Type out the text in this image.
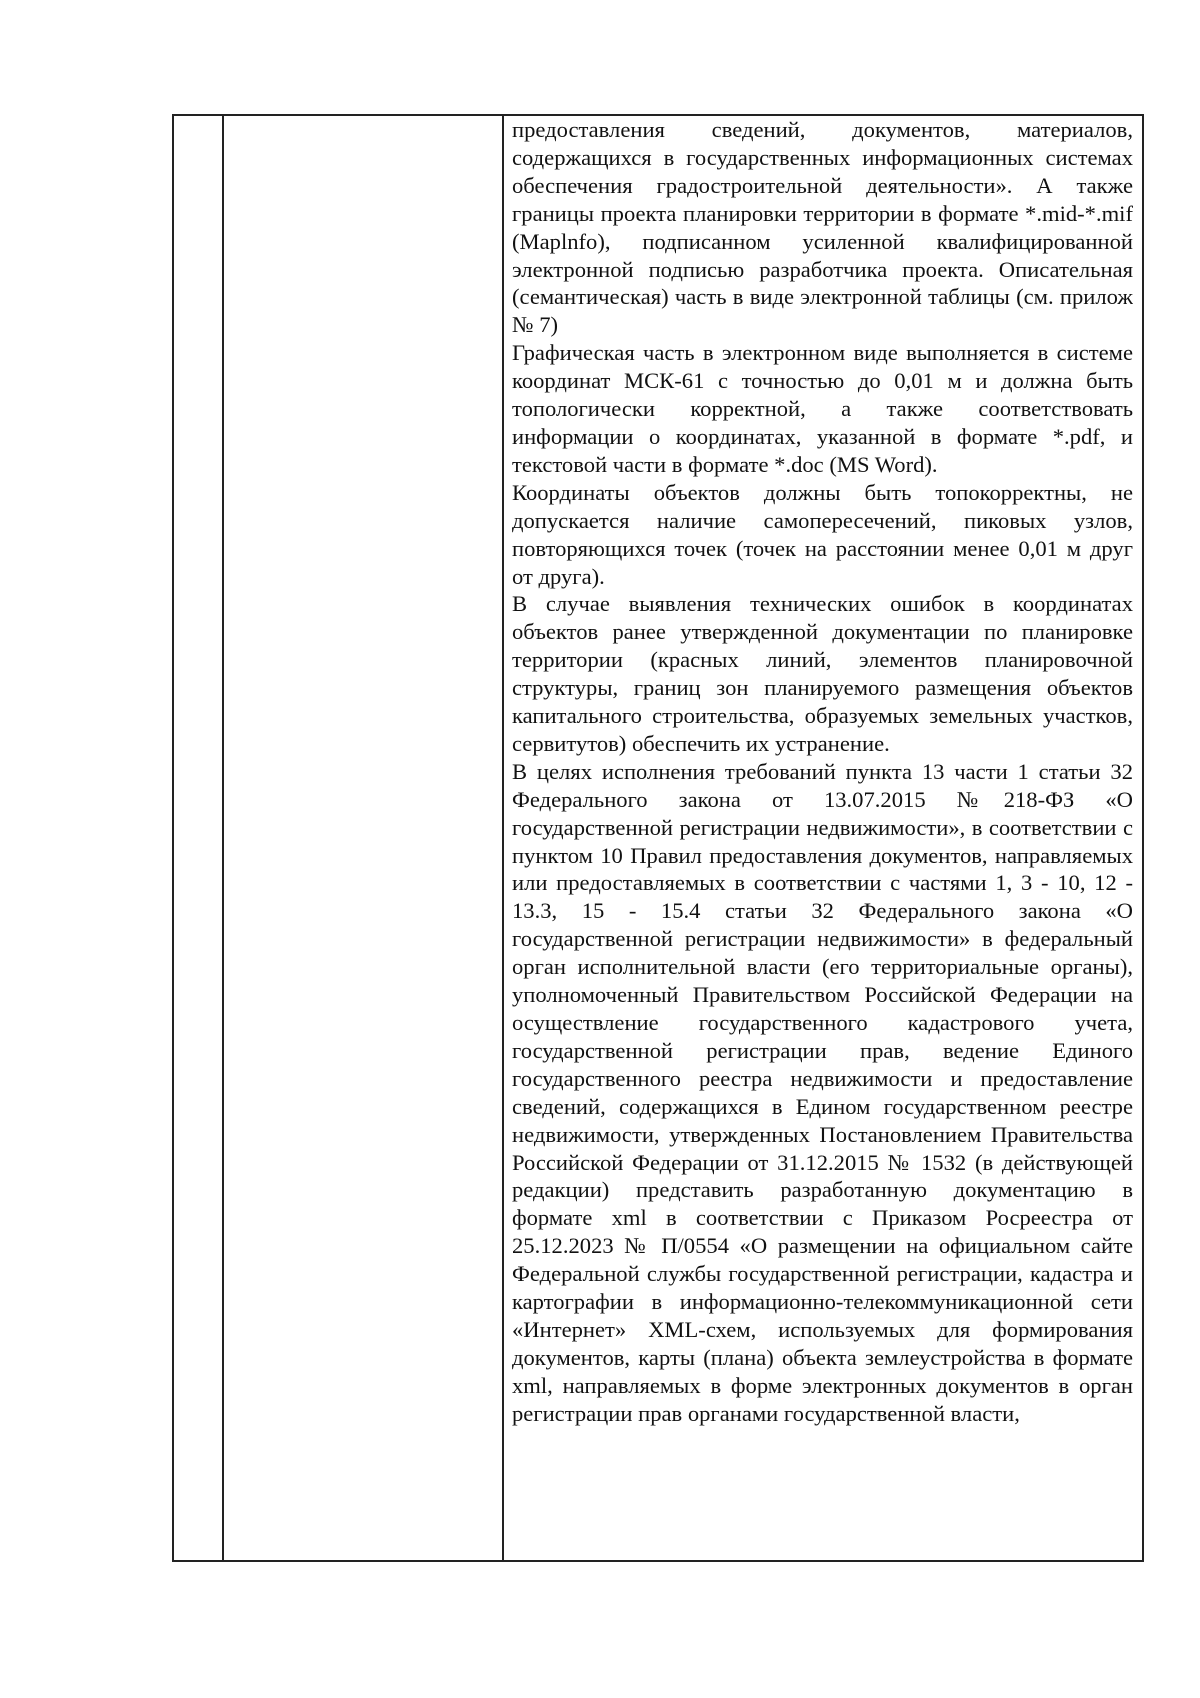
предоставления сведений, документов, материалов, содержащихся в государственных информационных системах обеспечения градостроительной деятельности». А также границы проекта планировки территории в формате *.mid-*.mif (Maplnfo), подписанном усиленной квалифицированной электронной подписью разработчика проекта. Описательная (семантическая) часть в виде электронной таблицы (см. прилож № 7)

Графическая часть в электронном виде выполняется в системе координат МСК-61 с точностью до 0,01 м и должна быть топологически корректной, а также соответствовать информации о координатах, указанной в формате *.pdf, и текстовой части в формате *.doc (MS Word).

Координаты объектов должны быть топокорректны, не допускается наличие самопересечений, пиковых узлов, повторяющихся точек (точек на расстоянии менее 0,01 м друг от друга).

В случае выявления технических ошибок в координатах объектов ранее утвержденной документации по планировке территории (красных линий, элементов планировочной структуры, границ зон планируемого размещения объектов капитального строительства, образуемых земельных участков, сервитутов) обеспечить их устранение.

В целях исполнения требований пункта 13 части 1 статьи 32 Федерального закона от 13.07.2015 №218-ФЗ «О государственной регистрации недвижимости», в соответствии с пунктом 10 Правил предоставления документов, направляемых или предоставляемых в соответствии с частями 1, 3 - 10, 12 - 13.3, 15 - 15.4 статьи 32 Федерального закона «О государственной регистрации недвижимости» в федеральный орган исполнительной власти (его территориальные органы), уполномоченный Правительством Российской Федерации на осуществление государственного кадастрового учета, государственной регистрации прав, ведение Единого государственного реестра недвижимости и предоставление сведений, содержащихся в Едином государственном реестре недвижимости, утвержденных Постановлением Правительства Российской Федерации от 31.12.2015 № 1532 (в действующей редакции) представить разработанную документацию в формате xml в соответствии с Приказом Росреестра от 25.12.2023 № П/0554 «О размещении на официальном сайте Федеральной службы государственной регистрации, кадастра и картографии в информационно-телекоммуникационной сети «Интернет» XML-схем, используемых для формирования документов, карты (плана) объекта землеустройства в формате xml, направляемых в форме электронных документов в орган регистрации прав органами государственной власти,
